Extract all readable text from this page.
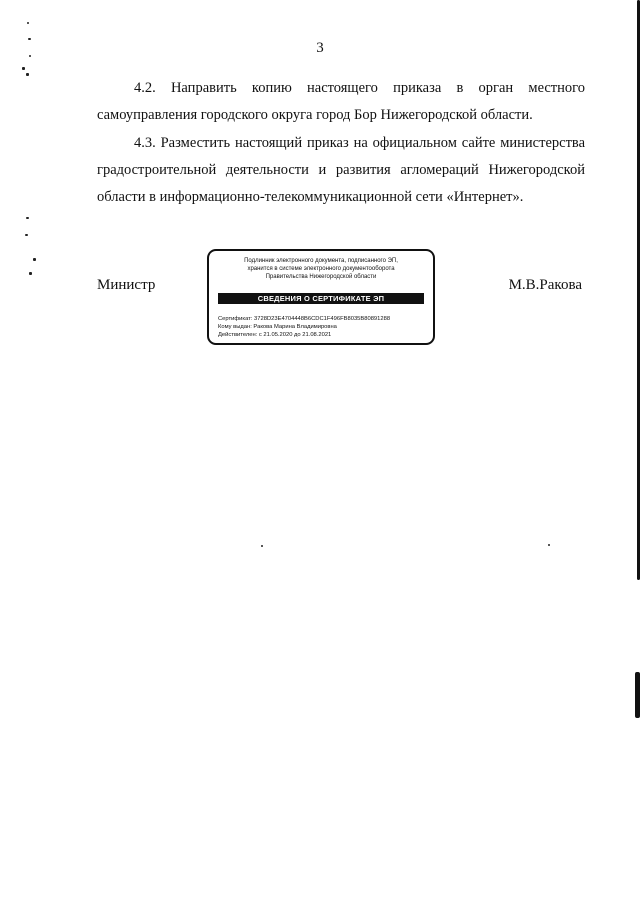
3
4.2. Направить копию настоящего приказа в орган местного
самоуправления городского округа город Бор Нижегородской области.
4.3. Разместить настоящий приказ на официальном сайте министерства
градостроительной деятельности и развития агломераций Нижегородской
области в информационно-телекоммуникационной сети «Интернет».
Министр
Подлинник электронного документа, подписанного ЭП,
хранится в системе электронного документооборота
Правительства Нижегородской области
СВЕДЕНИЯ О СЕРТИФИКАТЕ ЭП
Сертификат: 3728D23E4704448B6CDC1F496FB8035B80891288
Кому выдан: Ракова Марина Владимировна
Действителен: с 21.05.2020 до 21.08.2021
М.В.Ракова
